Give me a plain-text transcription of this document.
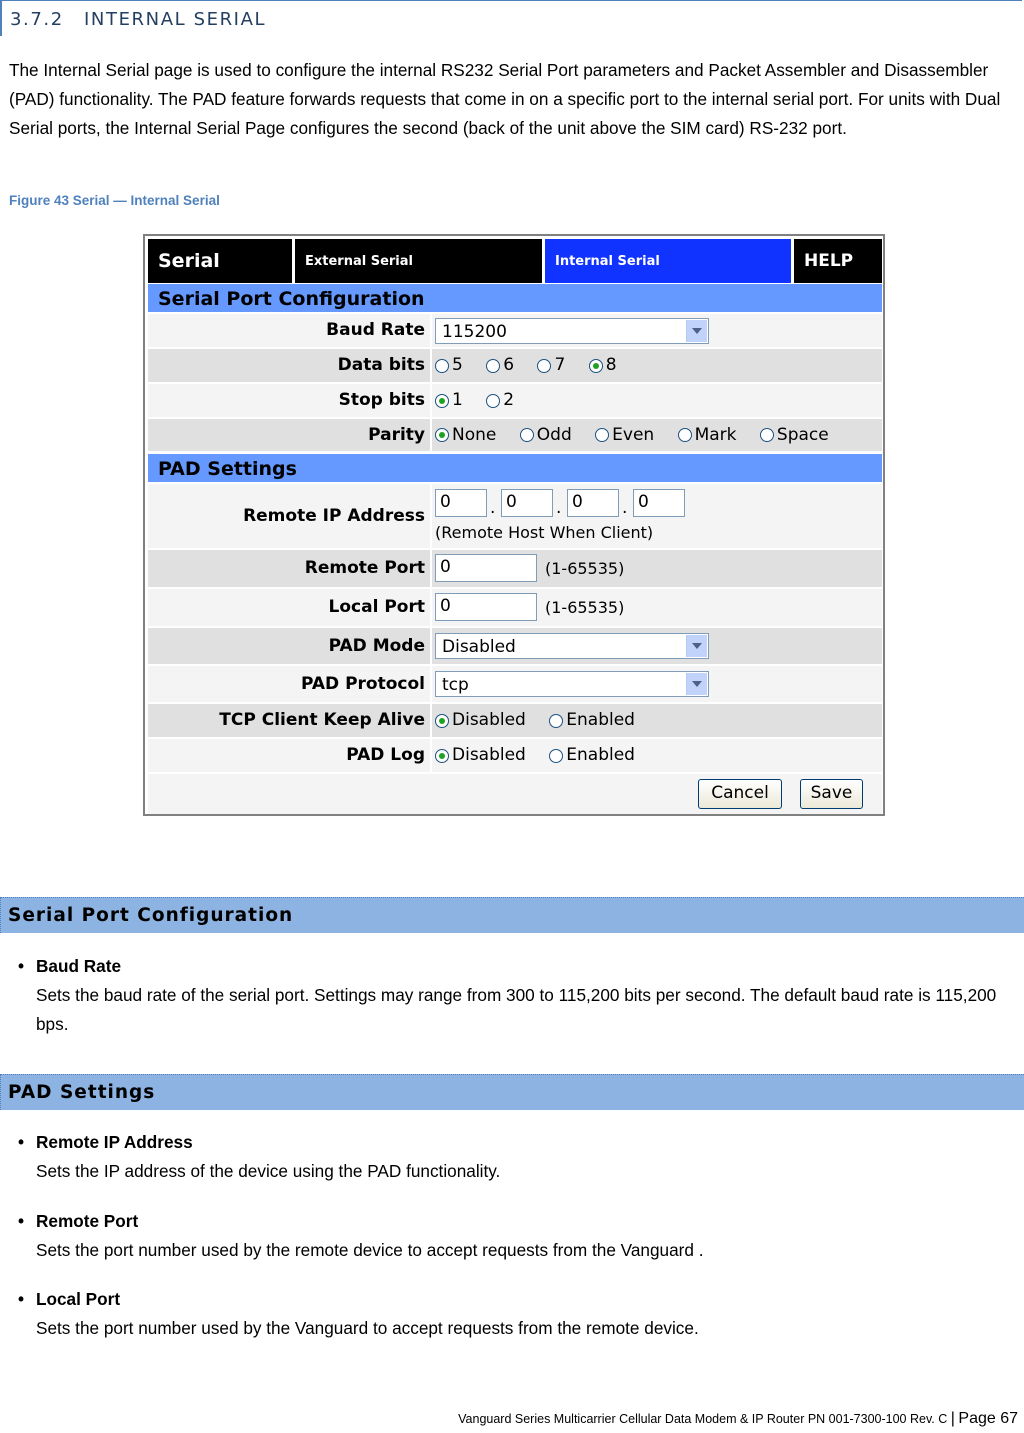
3.7.2 INTERNAL SERIAL
The Internal Serial page is used to configure the internal RS232 Serial Port parameters and Packet Assembler and Disassembler (PAD) functionality. The PAD feature forwards requests that come in on a specific port to the internal serial port. For units with Dual Serial ports, the Internal Serial Page configures the second (back of the unit above the SIM card) RS-232 port.
Figure 43 Serial — Internal Serial
Serial	External Serial	Internal Serial	HELP
Serial Port Configuration
Baud Rate 115200
Data bits 5
6
7
8
Stop bits 1
2
Parity None
Odd
Even
Mark
Space
PAD Settings
Remote IP Address
0	. 0	. 0	. 0
(Remote Host When Client)
Remote Port 0	(1-65535)
Local Port 0	(1-65535)
PAD Mode Disabled
PAD Protocol tcp
TCP Client Keep Alive Disabled
Enabled
PAD Log Disabled
Enabled
Cancel	Save
Serial Port Configuration
• Baud Rate
Sets the baud rate of the serial port. Settings may range from 300 to 115,200 bits per second. The default baud rate is 115,200 bps.
PAD Settings
• Remote IP Address
Sets the IP address of the device using the PAD functionality.
• Remote Port
Sets the port number used by the remote device to accept requests from the Vanguard .
• Local Port
Sets the port number used by the Vanguard to accept requests from the remote device.
Vanguard Series Multicarrier Cellular Data Modem & IP Router PN 001-7300-100 Rev. C | Page 67
